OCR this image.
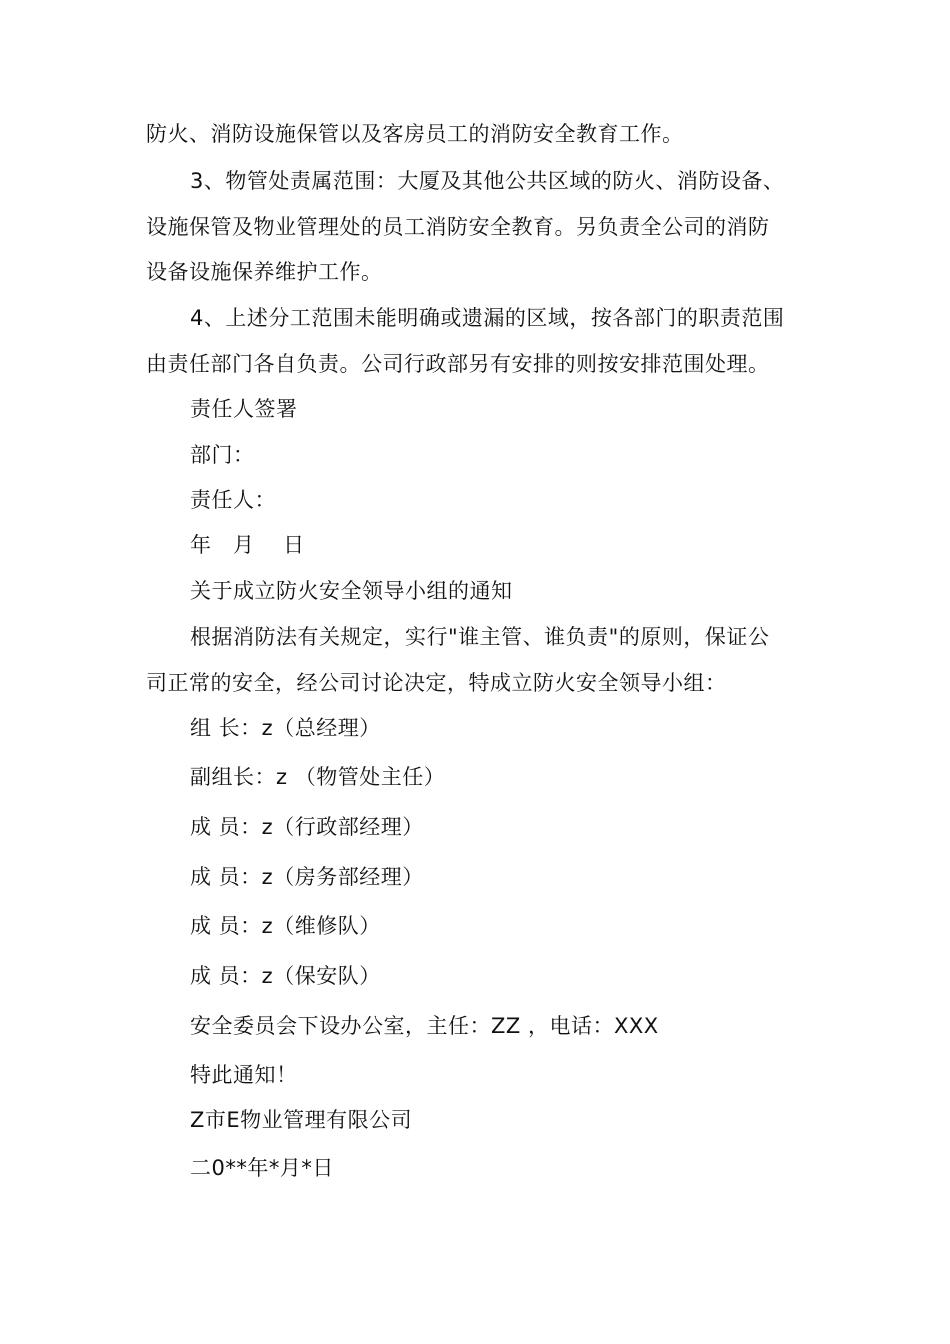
防火、消防设施保管以及客房员工的消防安全教育工作。
3、物管处责属范围：大厦及其他公共区域的防火、消防设备、
设施保管及物业管理处的员工消防安全教育。另负责全公司的消防
设备设施保养维护工作。
4、上述分工范围未能明确或遗漏的区域，按各部门的职责范围
由责任部门各自负责。公司行政部另有安排的则按安排范围处理。
责任人签署
部门：
责任人：
年　月　 日
关于成立防火安全领导小组的通知
根据消防法有关规定，实行"谁主管、谁负责"的原则，保证公
司正常的安全，经公司讨论决定，特成立防火安全领导小组：
组 长：z（总经理）
副组长：z （物管处主任）
成 员：z（行政部经理）
成 员：z（房务部经理）
成 员：z（维修队）
成 员：z（保安队）
安全委员会下设办公室，主任：ZZ ，电话：XXX
特此通知！
Z市E物业管理有限公司
二0**年*月*日
